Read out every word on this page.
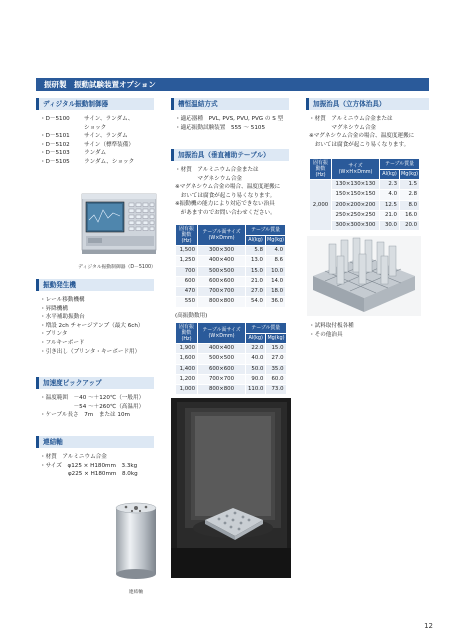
振研製　振動試験装置オプション
ディジタル振動制御器
・D－5100	サイン、ランダム、
ショック
・D－5101	サイン、ランダム
・D－5102	サイン（標準装備）
・D－5103	ランダム
・D－5105	ランダム、ショック
ディジタル振動制御器（D－5100）
振動発生機
・レール移動機構
・昇降機構
・水平補助振動台
・増設 2ch チャージアンプ（最大 6ch）
・プリンタ
・フルキーボード
・引き出し（プリンタ・キーボード用）
加速度ピックアップ
・温度範囲　－40 ～＋120℃（一般用）
　　　　　　－54 ～＋260℃（高温用）
・ケーブル長さ　7m　または 10m
連結軸
・材質　アルミニウム合金
・サイズ　φ125 × H180mm　3.3kg
　　　　　φ225 × H180mm　8.0kg
連結軸
槽恒温結方式
・適応器種　PVL, PVS, PVU, PVG の S 型
・適応振動試験装置　555 ～ 5105
加振治具（垂直補助テーブル）
・材質　アルミニウム合金または
　　　　マグネシウム合金
※マグネシウム合金の場合、温度度運搬に
　おいては腐食が起こり易くなります。
※振動機の能力により対応できない治具
　があますのでお問い合わせください。
固有振動数(Hz)	テーブル面サイズ(W×Dmm)	テーブル質量	
		Al(kg)	Mg(kg)
1,500	300×300	5.8	4.0
1,250	400×400	13.0	8.6
700	500×500	15.0	10.0
600	600×600	21.0	14.0
470	700×700	27.0	18.0
550	800×800	54.0	36.0
(高振動数用)
固有振動数(Hz)	テーブル面サイズ(W×Dmm)	テーブル質量	
		Al(kg)	Mg(kg)
1,900	400×400	22.0	15.0
1,600	500×500	40.0	27.0
1,400	600×600	50.0	35.0
1,200	700×700	90.0	60.0
1,000	800×800	110.0	73.0
加振治具（立方体治具）
・材質　アルミニウム合金または
　　　　マグネシウム合金
※マグネシウム合金の場合、温度度運搬に
　おいては腐食が起こり易くなります。
固有振動数(Hz)	サイズ(W×H×Dmm)	テーブル質量	
		Al(kg)	Mg(kg)
2,000	130×130×130	2.3	1.5
	150×150×150	4.0	2.8
	200×200×200	12.5	8.0
	250×250×250	21.0	16.0
	300×300×300	30.0	20.0
・試料取付板各種
・その他治具
12
